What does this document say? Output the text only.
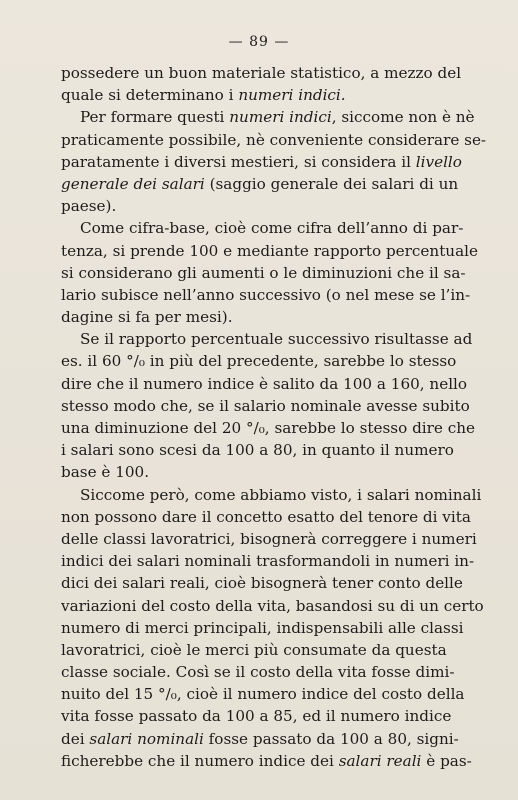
— 89 —
possedere un buon materiale statistico, a mezzo del
quale si determinano i numeri indici.
Per formare questi numeri indici, siccome non è nè
praticamente possibile, nè conveniente considerare se-
paratamente i diversi mestieri, si considera il livello
generale dei salari (saggio generale dei salari di un
paese).
Come cifra-base, cioè come cifra dell’anno di par-
tenza, si prende 100 e mediante rapporto percentuale
si considerano gli aumenti o le diminuzioni che il sa-
lario subisce nell’anno successivo (o nel mese se l’in-
dagine si fa per mesi).
Se il rapporto percentuale successivo risultasse ad
es. il 60 °/₀ in più del precedente, sarebbe lo stesso
dire che il numero indice è salito da 100 a 160, nello
stesso modo che, se il salario nominale avesse subito
una diminuzione del 20 °/₀, sarebbe lo stesso dire che
i salari sono scesi da 100 a 80, in quanto il numero
base è 100.
Siccome però, come abbiamo visto, i salari nominali
non possono dare il concetto esatto del tenore di vita
delle classi lavoratrici, bisognerà correggere i numeri
indici dei salari nominali trasformandoli in numeri in-
dici dei salari reali, cioè bisognerà tener conto delle
variazioni del costo della vita, basandosi su di un certo
numero di merci principali, indispensabili alle classi
lavoratrici, cioè le merci più consumate da questa
classe sociale. Così se il costo della vita fosse dimi-
nuito del 15 °/₀, cioè il numero indice del costo della
vita fosse passato da 100 a 85, ed il numero indice
dei salari nominali fosse passato da 100 a 80, signi-
ficherebbe che il numero indice dei salari reali è pas-
